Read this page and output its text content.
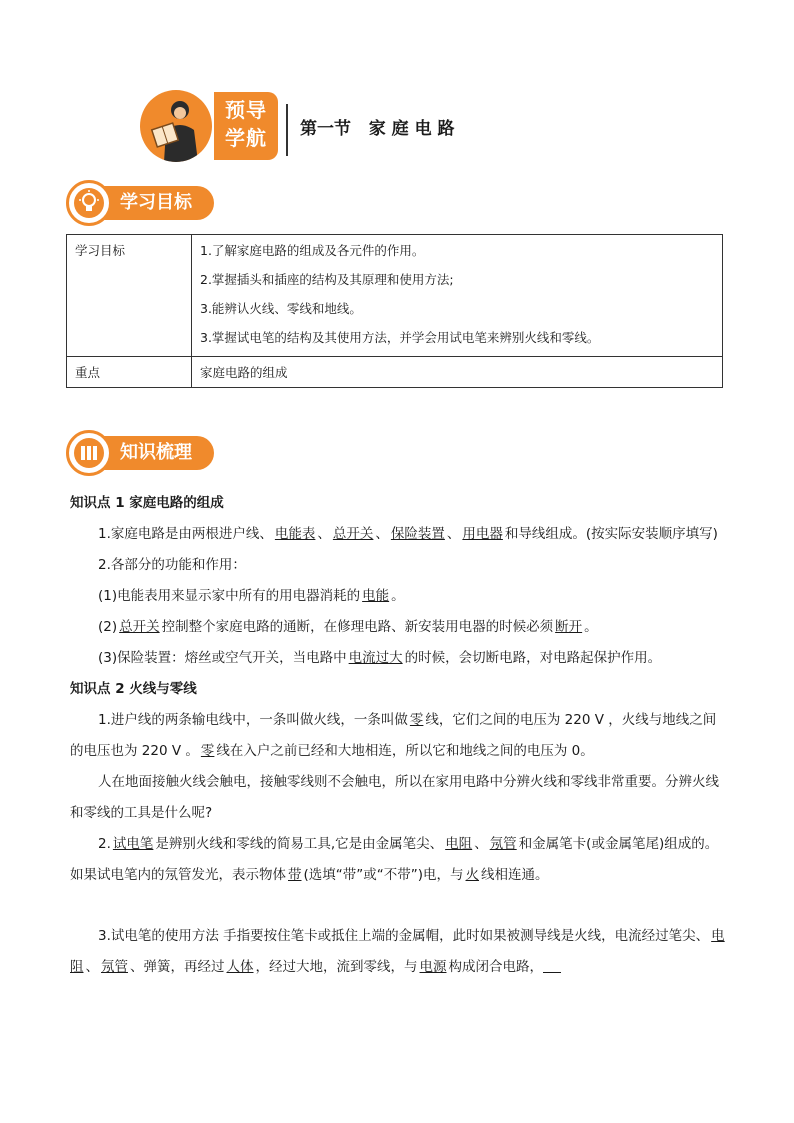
预导
学航	第一节   家 庭 电 路
学习目标
学习目标	1.了解家庭电路的组成及各元件的作用。

2.掌握插头和插座的结构及其原理和使用方法;

3.能辨认火线、零线和地线。

3.掌握试电笔的结构及其使用方法，并学会用试电笔来辨别火线和零线。

重点	家庭电路的组成
知识梳理

知识点 1 家庭电路的组成

1.家庭电路是由两根进户线、 电能表 、 总开关 、 保险装置 、 用电器 和导线组成。(按实际安装顺序填写)

2.各部分的功能和作用：

(1)电能表用来显示家中所有的用电器消耗的 电能 。

(2) 总开关 控制整个家庭电路的通断，在修理电路、新安装用电器的时候必须 断开 。

(3)保险装置：熔丝或空气开关，当电路中 电流过大 的时候，会切断电路，对电路起保护作用。

知识点 2 火线与零线

1.进户线的两条输电线中，一条叫做火线，一条叫做 零 线，它们之间的电压为 220 V ，火线与地线之间的电压也为 220 V 。 零 线在入户之前已经和大地相连，所以它和地线之间的电压为 0。

人在地面接触火线会触电，接触零线则不会触电，所以在家用电路中分辨火线和零线非常重要。分辨火线和零线的工具是什么呢?

2. 试电笔 是辨别火线和零线的简易工具,它是由金属笔尖、 电阻 、 氖管 和金属笔卡(或金属笔尾)组成的。如果试电笔内的氖管发光，表示物体 带 (选填“带”或“不带”)电，与 火 线相连通。

3.试电笔的使用方法 手指要按住笔卡或抵住上端的金属帽，此时如果被测导线是火线，电流经过笔尖、 电阻 、 氖管 、弹簧，再经过 人体 ，经过大地，流到零线，与 电源 构成闭合电路，
